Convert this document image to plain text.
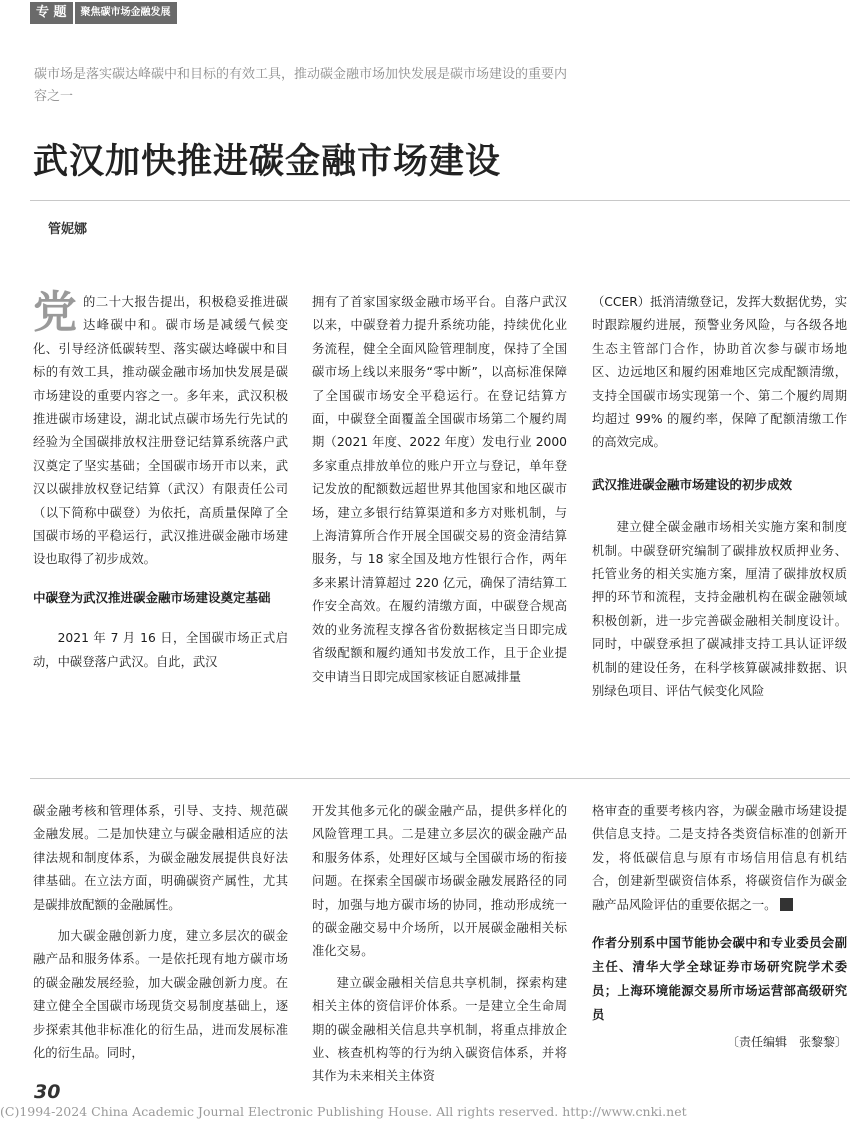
专 题	聚焦碳市场金融发展
碳市场是落实碳达峰碳中和目标的有效工具，推动碳金融市场加快发展是碳市场建设的重要内容之一
武汉加快推进碳金融市场建设
管妮娜
党 的二十大报告提出，积极稳妥推进碳达峰碳中和。碳市场是减缓气候变化、引导经济低碳转型、落实碳达峰碳中和目标的有效工具，推动碳金融市场加快发展是碳市场建设的重要内容之一。多年来，武汉积极推进碳市场建设，湖北试点碳市场先行先试的经验为全国碳排放权注册登记结算系统落户武汉奠定了坚实基础；全国碳市场开市以来，武汉以碳排放权登记结算（武汉）有限责任公司（以下简称中碳登）为依托，高质量保障了全国碳市场的平稳运行，武汉推进碳金融市场建设也取得了初步成效。

中碳登为武汉推进碳金融市场建设奠定基础

2021 年 7 月 16 日，全国碳市场正式启动，中碳登落户武汉。自此，武汉

拥有了首家国家级金融市场平台。自落户武汉以来，中碳登着力提升系统功能，持续优化业务流程，健全全面风险管理制度，保持了全国碳市场上线以来服务“零中断”，以高标准保障了全国碳市场安全平稳运行。在登记结算方面，中碳登全面覆盖全国碳市场第二个履约周期（2021 年度、2022 年度）发电行业 2000 多家重点排放单位的账户开立与登记，单年登记发放的配额数远超世界其他国家和地区碳市场，建立多银行结算渠道和多方对账机制，与上海清算所合作开展全国碳交易的资金清结算服务，与 18 家全国及地方性银行合作，两年多来累计清算超过 220 亿元，确保了清结算工作安全高效。在履约清缴方面，中碳登合规高效的业务流程支撑各省份数据核定当日即完成省级配额和履约通知书发放工作，且于企业提交申请当日即完成国家核证自愿减排量

（CCER）抵消清缴登记，发挥大数据优势，实时跟踪履约进展，预警业务风险，与各级各地生态主管部门合作，协助首次参与碳市场地区、边远地区和履约困难地区完成配额清缴，支持全国碳市场实现第一个、第二个履约周期均超过 99% 的履约率，保障了配额清缴工作的高效完成。

武汉推进碳金融市场建设的初步成效

建立健全碳金融市场相关实施方案和制度机制。中碳登研究编制了碳排放权质押业务、托管业务的相关实施方案，厘清了碳排放权质押的环节和流程，支持金融机构在碳金融领域积极创新，进一步完善碳金融相关制度设计。同时，中碳登承担了碳减排支持工具认证评级机制的建设任务，在科学核算碳减排数据、识别绿色项目、评估气候变化风险

碳金融考核和管理体系，引导、支持、规范碳金融发展。二是加快建立与碳金融相适应的法律法规和制度体系，为碳金融发展提供良好法律基础。在立法方面，明确碳资产属性，尤其是碳排放配额的金融属性。

加大碳金融创新力度，建立多层次的碳金融产品和服务体系。一是依托现有地方碳市场的碳金融发展经验，加大碳金融创新力度。在建立健全全国碳市场现货交易制度基础上，逐步探索其他非标准化的衍生品，进而发展标准化的衍生品。同时，

开发其他多元化的碳金融产品，提供多样化的风险管理工具。二是建立多层次的碳金融产品和服务体系，处理好区域与全国碳市场的衔接问题。在探索全国碳市场碳金融发展路径的同时，加强与地方碳市场的协同，推动形成统一的碳金融交易中介场所，以开展碳金融相关标准化交易。

建立碳金融相关信息共享机制，探索构建相关主体的资信评价体系。一是建立全生命周期的碳金融相关信息共享机制，将重点排放企业、核查机构等的行为纳入碳资信体系，并将其作为未来相关主体资

格审查的重要考核内容，为碳金融市场建设提供信息支持。二是支持各类资信标准的创新开发，将低碳信息与原有市场信用信息有机结合，创建新型碳资信体系，将碳资信作为碳金融产品风险评估的重要依据之一。

作者分别系中国节能协会碳中和专业委员会副主任、清华大学全球证券市场研究院学术委员；上海环境能源交易所市场运营部高级研究员
〔责任编辑　张黎黎〕
30
(C)1994-2024 China Academic Journal Electronic Publishing House. All rights reserved. http://www.cnki.net
